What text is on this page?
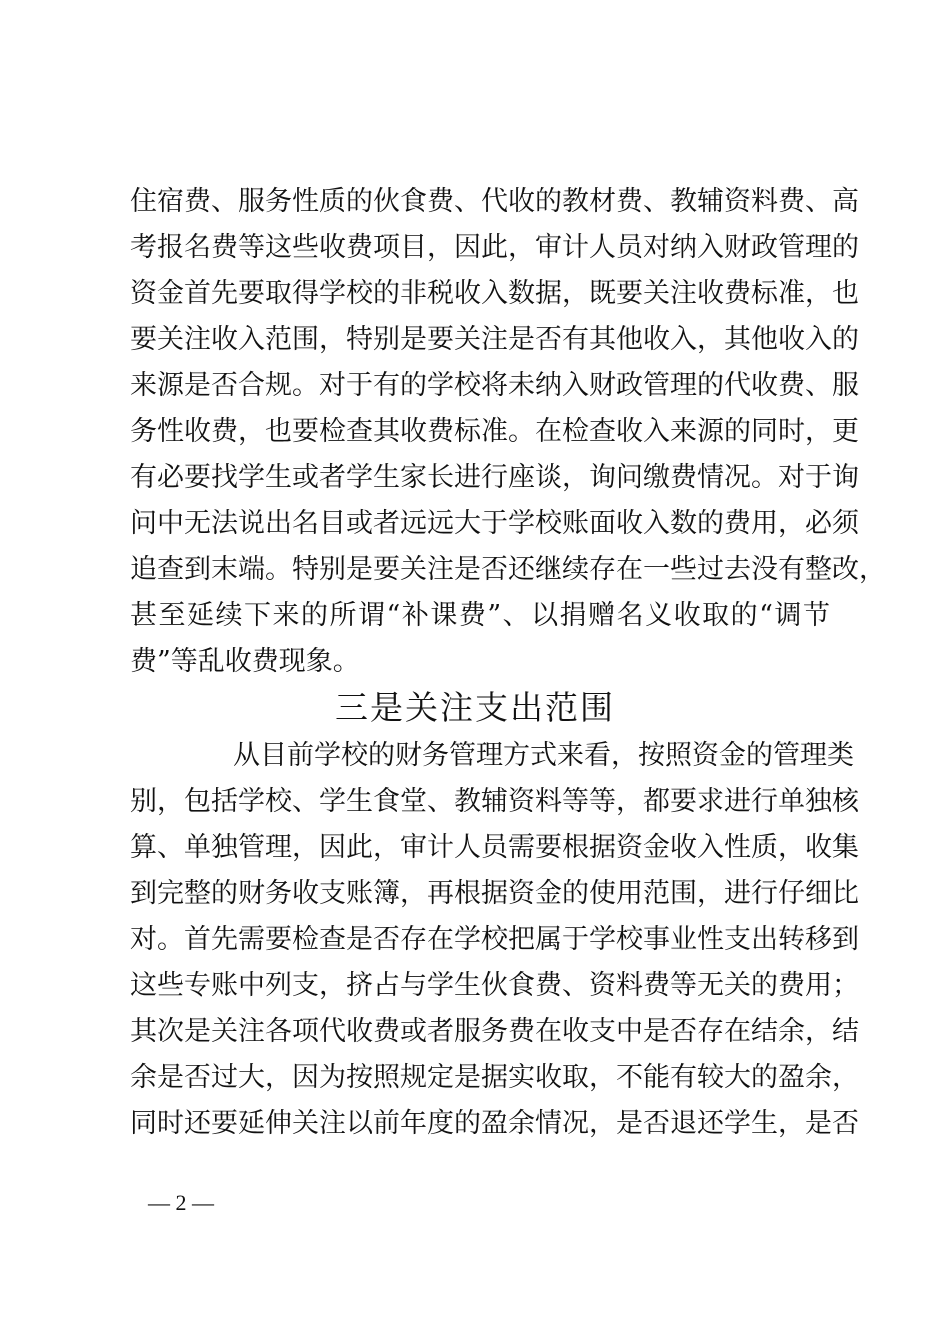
住宿费、服务性质的伙食费、代收的教材费、教辅资料费、高
考报名费等这些收费项目，因此，审计人员对纳入财政管理的
资金首先要取得学校的非税收入数据，既要关注收费标准，也
要关注收入范围，特别是要关注是否有其他收入，其他收入的
来源是否合规。对于有的学校将未纳入财政管理的代收费、服
务性收费，也要检查其收费标准。在检查收入来源的同时，更
有必要找学生或者学生家长进行座谈，询问缴费情况。对于询
问中无法说出名目或者远远大于学校账面收入数的费用，必须
追查到末端。特别是要关注是否还继续存在一些过去没有整改，
甚至延续下来的所谓“补课费”、以捐赠名义收取的“调节
费”等乱收费现象。
三是关注支出范围
从目前学校的财务管理方式来看，按照资金的管理类
别，包括学校、学生食堂、教辅资料等等，都要求进行单独核
算、单独管理，因此，审计人员需要根据资金收入性质，收集
到完整的财务收支账簿，再根据资金的使用范围，进行仔细比
对。首先需要检查是否存在学校把属于学校事业性支出转移到
这些专账中列支，挤占与学生伙食费、资料费等无关的费用；
其次是关注各项代收费或者服务费在收支中是否存在结余，结
余是否过大，因为按照规定是据实收取，不能有较大的盈余，
同时还要延伸关注以前年度的盈余情况，是否退还学生，是否
— 2 —
